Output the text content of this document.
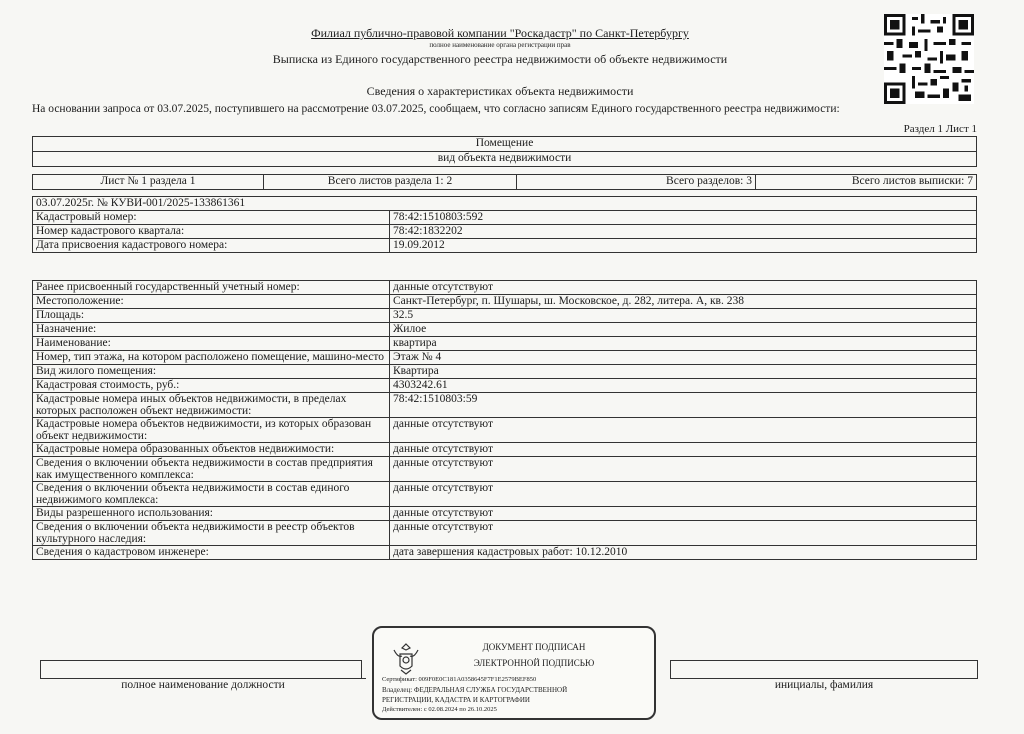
Филиал публично-правовой компании "Роскадастр" по Санкт-Петербургу
полное наименование органа регистрации прав
Выписка из Единого государственного реестра недвижимости об объекте недвижимости
Сведения о характеристиках объекта недвижимости
На основании запроса от 03.07.2025, поступившего на рассмотрение 03.07.2025, сообщаем, что согласно записям Единого государственного реестра недвижимости:
Раздел 1 Лист 1
Помещение
вид объекта недвижимости
Лист № 1 раздела 1	Всего листов раздела 1: 2	Всего разделов: 3	Всего листов выписки: 7
03.07.2025г. № КУВИ-001/2025-133861361	
Кадастровый номер:	78:42:1510803:592
Номер кадастрового квартала:	78:42:1832202
Дата присвоения кадастрового номера:	19.09.2012
Ранее присвоенный государственный учетный номер:	данные отсутствуют
Местоположение:	Санкт-Петербург, п. Шушары, ш. Московское, д. 282, литера. А, кв. 238
Площадь:	32.5
Назначение:	Жилое
Наименование:	квартира
Номер, тип этажа, на котором расположено помещение, машино-место	Этаж № 4
Вид жилого помещения:	Квартира
Кадастровая стоимость, руб.:	4303242.61
Кадастровые номера иных объектов недвижимости, в пределах которых расположен объект недвижимости:	78:42:1510803:59
Кадастровые номера объектов недвижимости, из которых образован объект недвижимости:	данные отсутствуют
Кадастровые номера образованных объектов недвижимости:	данные отсутствуют
Сведения о включении объекта недвижимости в состав предприятия как имущественного комплекса:	данные отсутствуют
Сведения о включении объекта недвижимости в состав единого недвижимого комплекса:	данные отсутствуют
Виды разрешенного использования:	данные отсутствуют
Сведения о включении объекта недвижимости в реестр объектов культурного наследия:	данные отсутствуют
Сведения о кадастровом инженере:	дата завершения кадастровых работ: 10.12.2010
полное наименование должности	инициалы, фамилия
ДОКУМЕНТ ПОДПИСАН
ЭЛЕКТРОННОЙ ПОДПИСЬЮ
Сертификат: 009F0E0C181A0358645F7F1E2579BEF850
Владелец: ФЕДЕРАЛЬНАЯ СЛУЖБА ГОСУДАРСТВЕННОЙ
РЕГИСТРАЦИИ, КАДАСТРА И КАРТОГРАФИИ
Действителен: с 02.08.2024 по 26.10.2025
